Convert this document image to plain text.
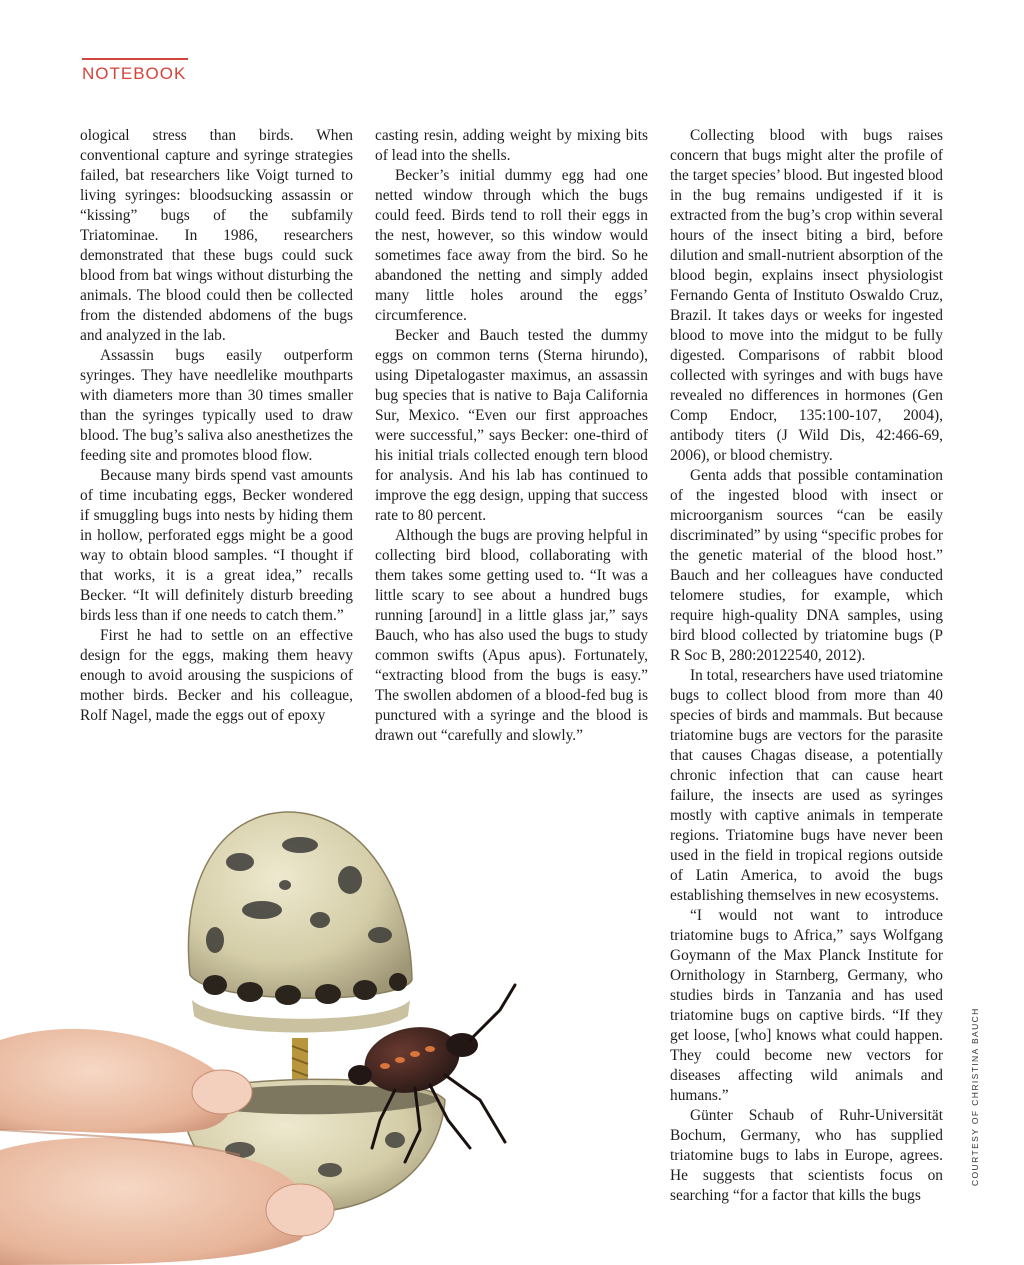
NOTEBOOK

ological stress than birds. When conventional capture and syringe strategies failed, bat researchers like Voigt turned to living syringes: bloodsucking assassin or “kissing” bugs of the subfamily Triatominae. In 1986, researchers demonstrated that these bugs could suck blood from bat wings without disturbing the animals. The blood could then be collected from the distended abdomens of the bugs and analyzed in the lab.

Assassin bugs easily outperform syringes. They have needlelike mouthparts with diameters more than 30 times smaller than the syringes typically used to draw blood. The bug’s saliva also anesthetizes the feeding site and promotes blood flow.

Because many birds spend vast amounts of time incubating eggs, Becker wondered if smuggling bugs into nests by hiding them in hollow, perforated eggs might be a good way to obtain blood samples. “I thought if that works, it is a great idea,” recalls Becker. “It will definitely disturb breeding birds less than if one needs to catch them.”

First he had to settle on an effective design for the eggs, making them heavy enough to avoid arousing the suspicions of mother birds. Becker and his colleague, Rolf Nagel, made the eggs out of epoxy

casting resin, adding weight by mixing bits of lead into the shells.

Becker’s initial dummy egg had one netted window through which the bugs could feed. Birds tend to roll their eggs in the nest, however, so this window would sometimes face away from the bird. So he abandoned the netting and simply added many little holes around the eggs’ circumference.

Becker and Bauch tested the dummy eggs on common terns (Sterna hirundo), using Dipetalogaster maximus, an assassin bug species that is native to Baja California Sur, Mexico. “Even our first approaches were successful,” says Becker: one-third of his initial trials collected enough tern blood for analysis. And his lab has continued to improve the egg design, upping that success rate to 80 percent.

Although the bugs are proving helpful in collecting bird blood, collaborating with them takes some getting used to. “It was a little scary to see about a hundred bugs running [around] in a little glass jar,” says Bauch, who has also used the bugs to study common swifts (Apus apus). Fortunately, “extracting blood from the bugs is easy.” The swollen abdomen of a blood-fed bug is punctured with a syringe and the blood is drawn out “carefully and slowly.”

Collecting blood with bugs raises concern that bugs might alter the profile of the target species’ blood. But ingested blood in the bug remains undigested if it is extracted from the bug’s crop within several hours of the insect biting a bird, before dilution and small-nutrient absorption of the blood begin, explains insect physiologist Fernando Genta of Instituto Oswaldo Cruz, Brazil. It takes days or weeks for ingested blood to move into the midgut to be fully digested. Comparisons of rabbit blood collected with syringes and with bugs have revealed no differences in hormones (Gen Comp Endocr, 135:100-107, 2004), antibody titers (J Wild Dis, 42:466-69, 2006), or blood chemistry.

Genta adds that possible contamination of the ingested blood with insect or microorganism sources “can be easily discriminated” by using “specific probes for the genetic material of the blood host.” Bauch and her colleagues have conducted telomere studies, for example, which require high-quality DNA samples, using bird blood collected by triatomine bugs (P R Soc B, 280:20122540, 2012).

In total, researchers have used triatomine bugs to collect blood from more than 40 species of birds and mammals. But because triatomine bugs are vectors for the parasite that causes Chagas disease, a potentially chronic infection that can cause heart failure, the insects are used as syringes mostly with captive animals in temperate regions. Triatomine bugs have never been used in the field in tropical regions outside of Latin America, to avoid the bugs establishing themselves in new ecosystems.

“I would not want to introduce triatomine bugs to Africa,” says Wolfgang Goymann of the Max Planck Institute for Ornithology in Starnberg, Germany, who studies birds in Tanzania and has used triatomine bugs on captive birds. “If they get loose, [who] knows what could happen. They could become new vectors for diseases affecting wild animals and humans.”

Günter Schaub of Ruhr-Universität Bochum, Germany, who has supplied triatomine bugs to labs in Europe, agrees. He suggests that scientists focus on searching “for a factor that kills the bugs

COURTESY OF CHRISTINA BAUCH
